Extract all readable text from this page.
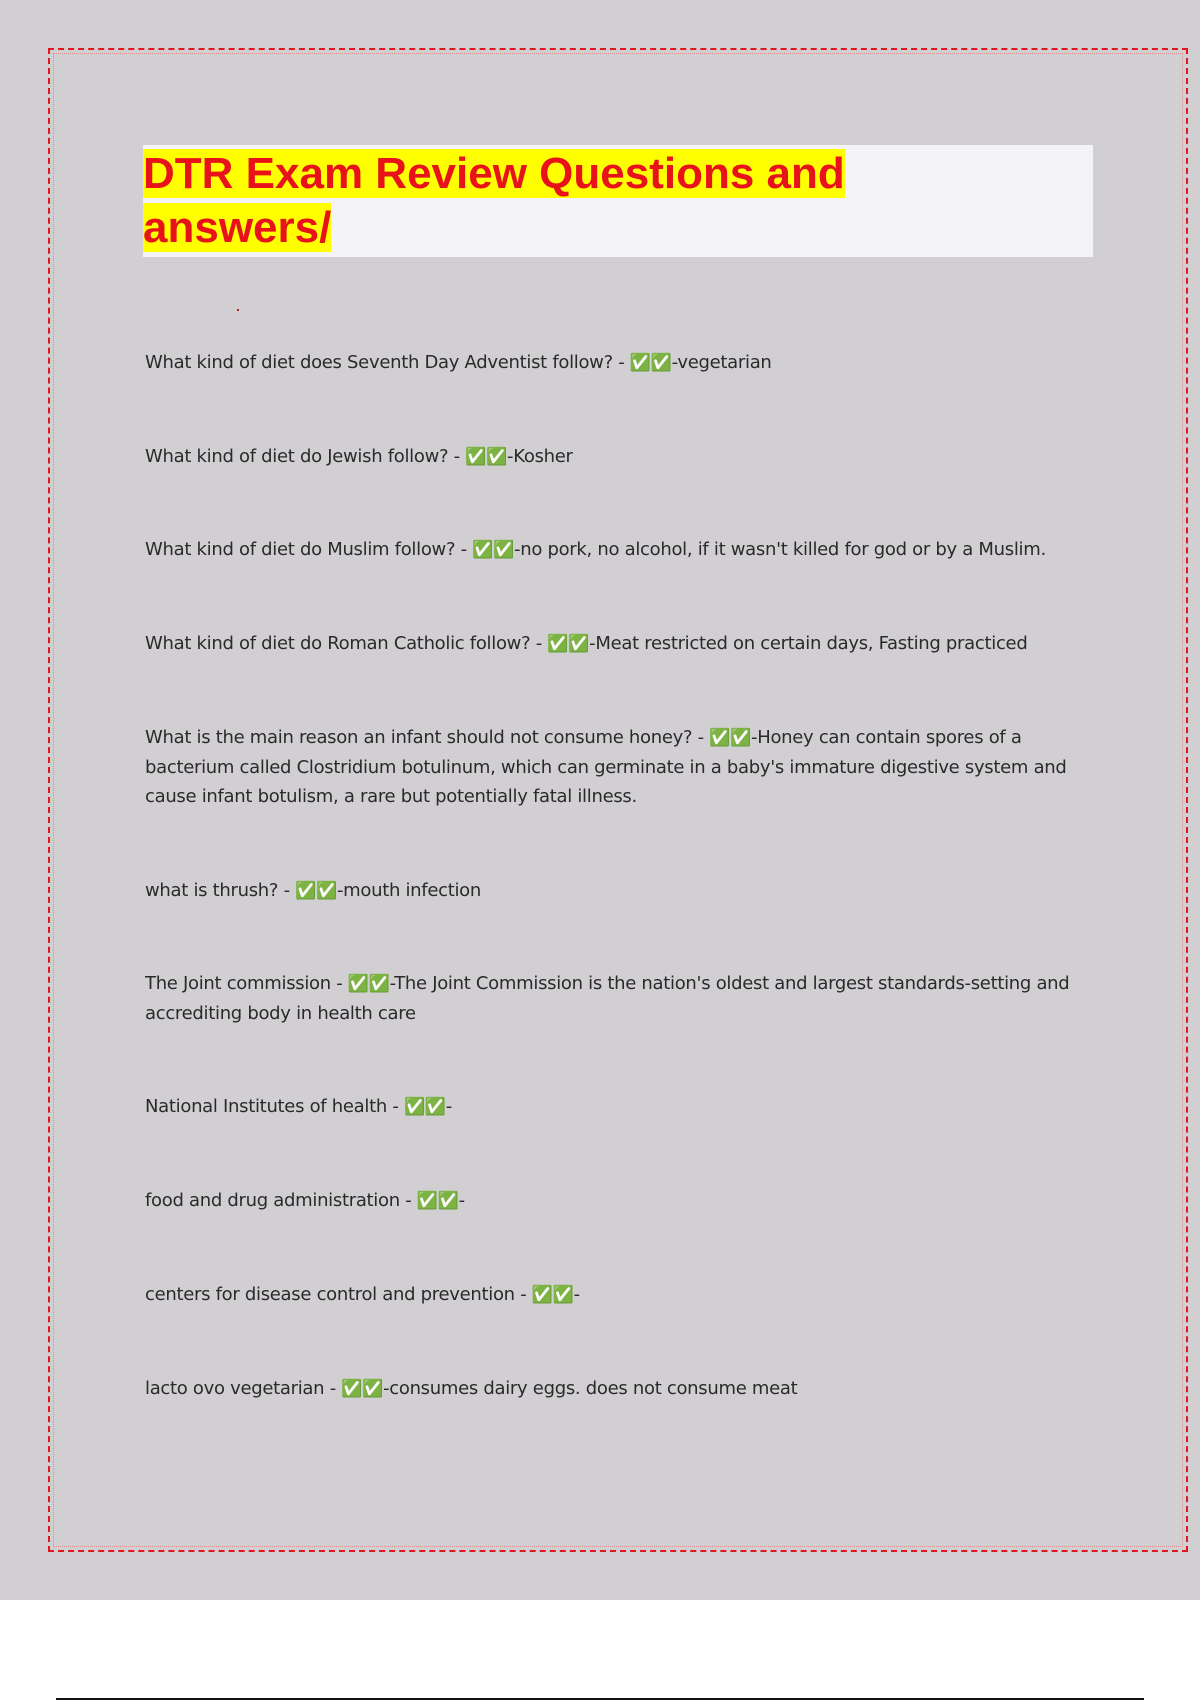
DTR Exam Review Questions and answers/

What kind of diet does Seventh Day Adventist follow? - ✅✅-vegetarian

What kind of diet do Jewish follow? - ✅✅-Kosher

What kind of diet do Muslim follow? - ✅✅-no pork, no alcohol, if it wasn't killed for god or by a Muslim.

What kind of diet do Roman Catholic follow? - ✅✅-Meat restricted on certain days, Fasting practiced

What is the main reason an infant should not consume honey? - ✅✅-Honey can contain spores of a bacterium called Clostridium botulinum, which can germinate in a baby's immature digestive system and cause infant botulism, a rare but potentially fatal illness.

what is thrush? - ✅✅-mouth infection

The Joint commission - ✅✅-The Joint Commission is the nation's oldest and largest standards-setting and accrediting body in health care

National Institutes of health - ✅✅-

food and drug administration - ✅✅-

centers for disease control and prevention - ✅✅-

lacto ovo vegetarian - ✅✅-consumes dairy eggs. does not consume meat
